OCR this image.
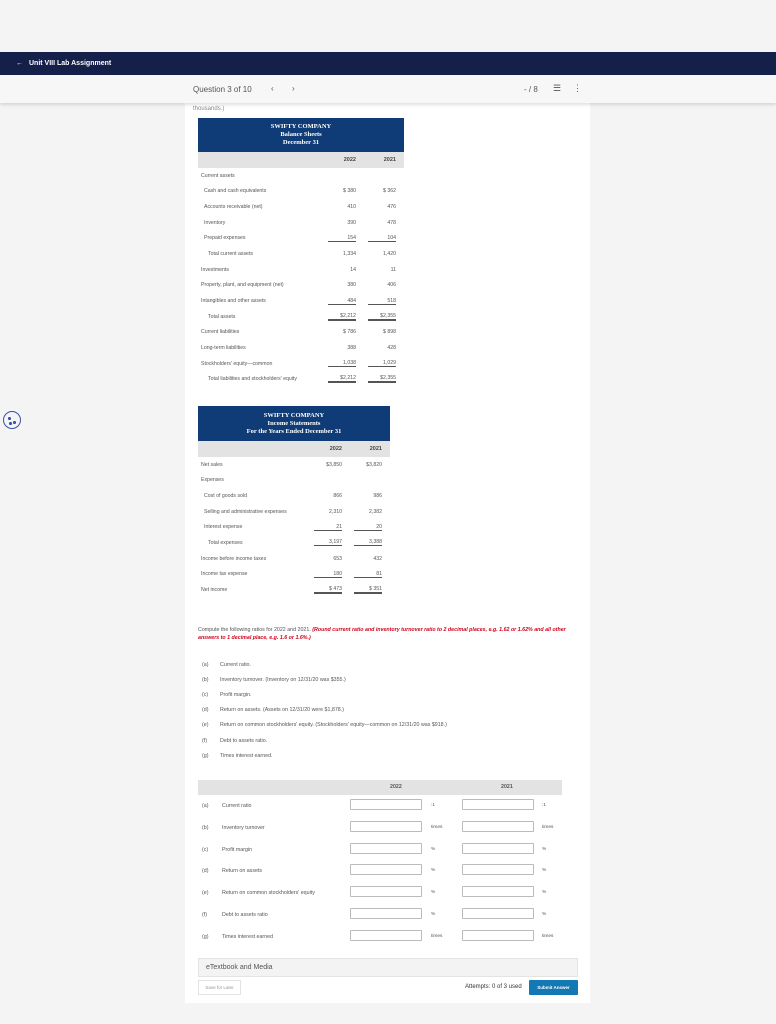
← Unit VIII Lab Assignment
Question 3 of 10 ‹ ›	- / 8 ☰ ⋮
thousands.)
SWIFTY COMPANY
Balance Sheets
December 31		

	2022	2021
Current assets		
Cash and cash equivalents	$ 380	$ 362
Accounts receivable (net)	410	476
Inventory	390	478
Prepaid expenses	154	104
Total current assets	1,334	1,420
Investments	14	11
Property, plant, and equipment (net)	380	406
Intangibles and other assets	484	518
Total assets	$2,212	$2,355
Current liabilities	$ 786	$ 898
Long-term liabilities	388	428
Stockholders' equity—common	1,038	1,029
Total liabilities and stockholders' equity	$2,212	$2,355
SWIFTY COMPANY
Income Statements
For the Years Ended December 31		

	2022	2021
Net sales	$3,850	$3,820
Expenses		
Cost of goods sold	866	986
Selling and administrative expenses	2,310	2,382
Interest expense	21	20
Total expenses	3,197	3,388
Income before income taxes	653	432
Income tax expense	180	81
Net income	$ 473	$ 351
Compute the following ratios for 2022 and 2021. (Round current ratio and inventory turnover ratio to 2 decimal places, e.g. 1.62 or 1.62% and all other answers to 1 decimal place, e.g. 1.6 or 1.6%.)
(a)	Current ratio.
(b)	Inventory turnover. (Inventory on 12/31/20 was $355.)
(c)	Profit margin.
(d)	Return on assets. (Assets on 12/31/20 were $1,878.)
(e)	Return on common stockholders' equity. (Stockholders' equity—common on 12/31/20 was $918.)
(f)	Debt to assets ratio.
(g)	Times interest earned.
2022	2021
(a)	Current ratio	:1	:1
(b)	Inventory turnover	times	times
(c)	Profit margin	%	%
(d)	Return on assets	%	%
(e)	Return on common stockholders' equity	%	%
(f)	Debt to assets ratio	%	%
(g)	Times interest earned	times	times
eTextbook and Media
Save for Later	Attempts: 0 of 3 used	Submit Answer
